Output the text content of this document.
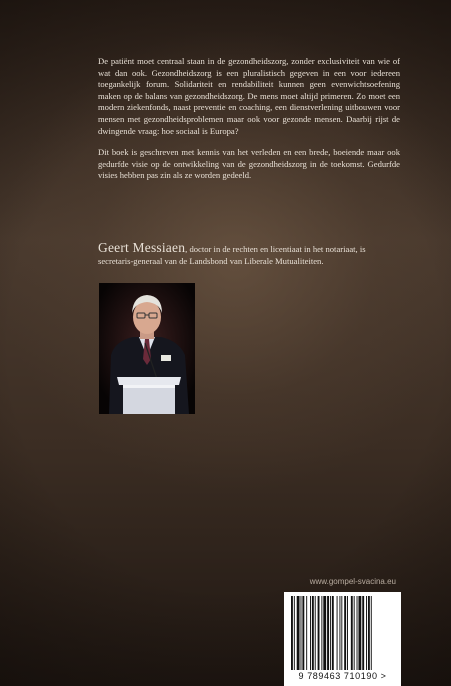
De patiënt moet centraal staan in de gezondheidszorg, zonder exclusiviteit van wie of wat dan ook. Gezondheidszorg is een pluralistisch gegeven in een voor iedereen toegankelijk forum. Solidariteit en rendabiliteit kunnen geen evenwichtsoefening maken op de balans van gezondheidszorg. De mens moet altijd primeren. Zo moet een modern ziekenfonds, naast preventie en coaching, een dienstverlening uitbouwen voor mensen met gezondheidsproblemen maar ook voor gezonde mensen. Daarbij rijst de dwingende vraag: hoe sociaal is Europa?

Dit boek is geschreven met kennis van het verleden en een brede, boeiende maar ook gedurfde visie op de ontwikkeling van de gezondheidszorg in de toekomst. Gedurfde visies hebben pas zin als ze worden gedeeld.

Geert Messiaen, doctor in de rechten en licentiaat in het notariaat, is secretaris-generaal van de Landsbond van Liberale Mutualiteiten.
www.gompel-svacina.eu
9 789463 710190 >
